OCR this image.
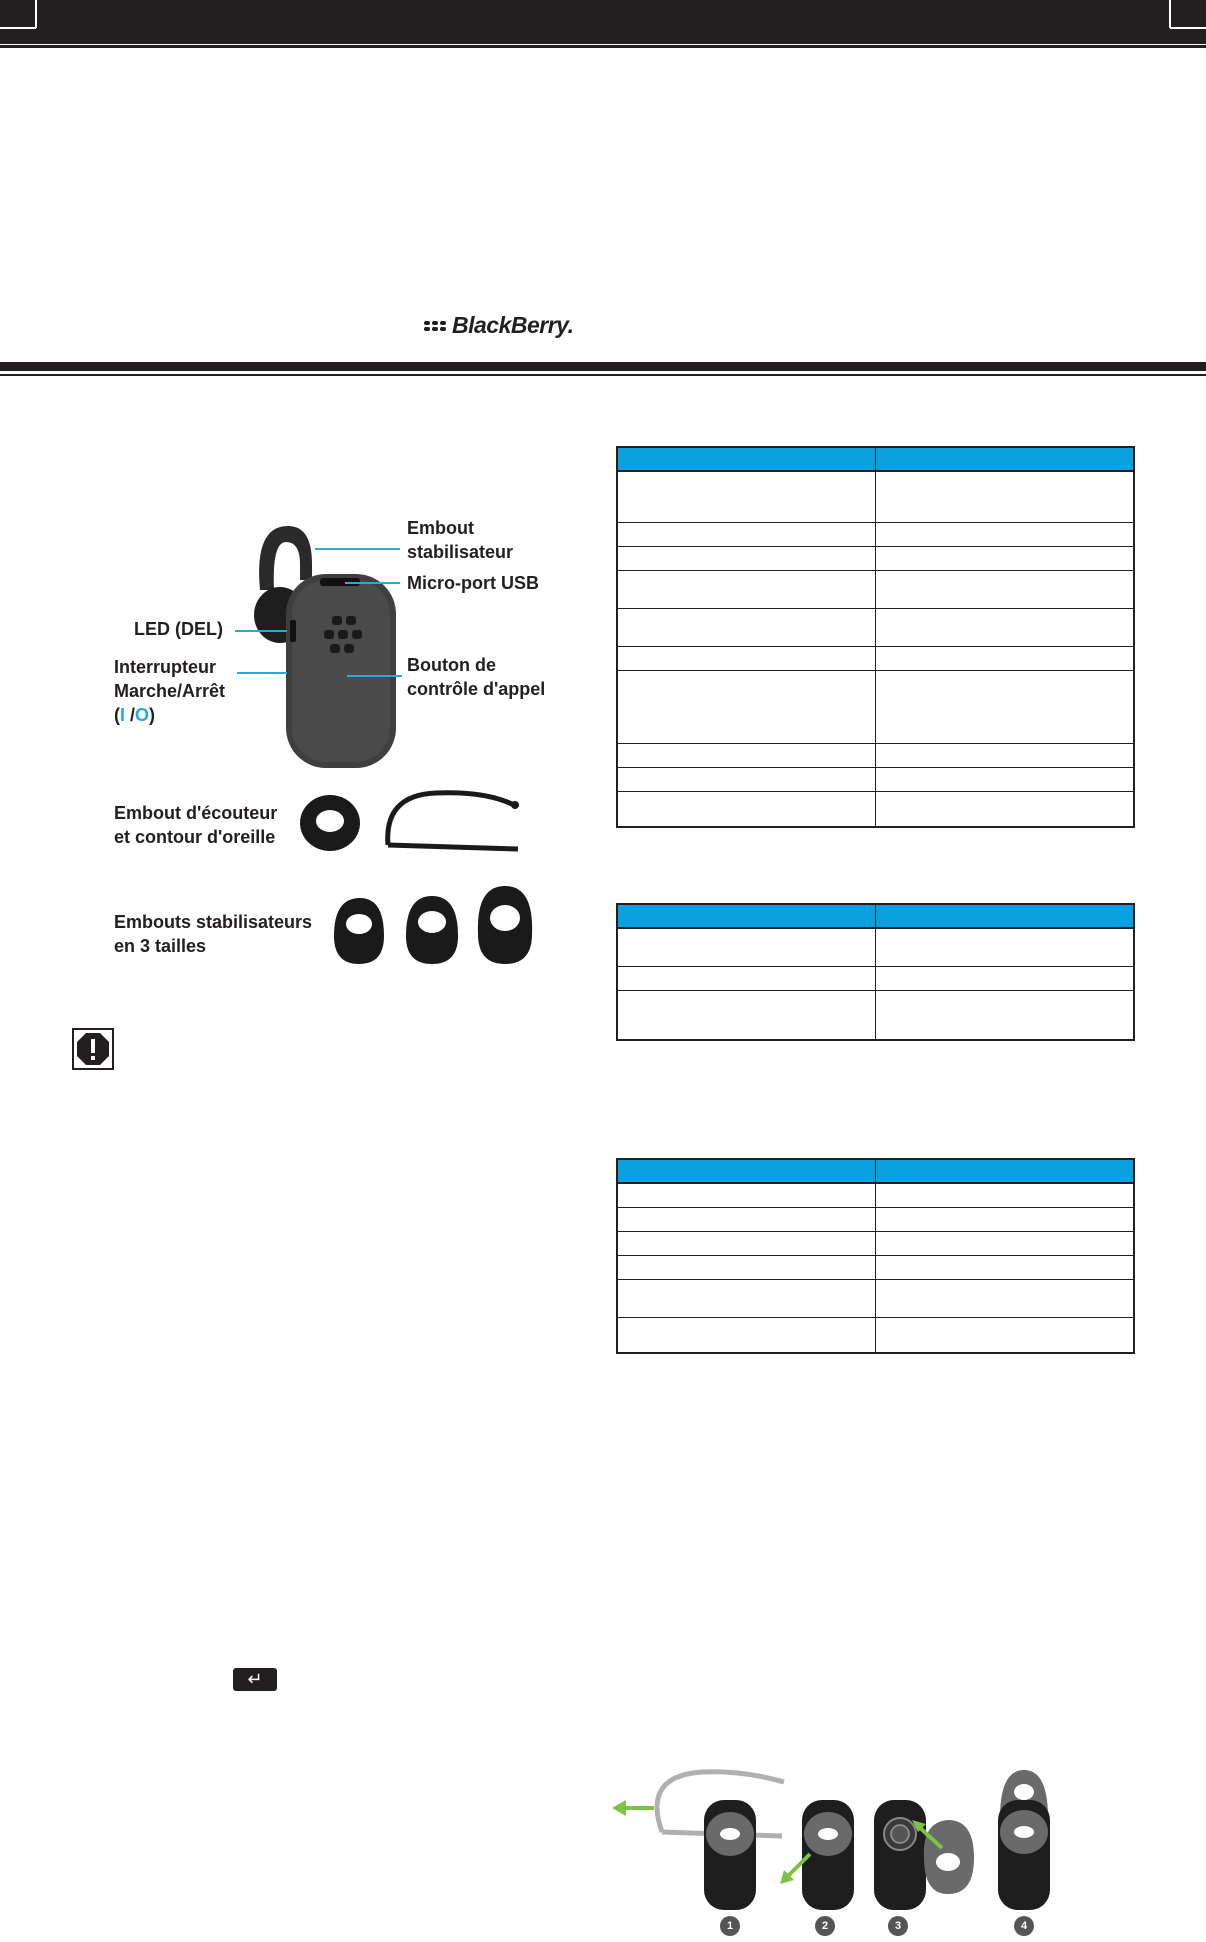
BlackBerry.
Embout
stabilisateur
Micro-port USB
LED (DEL)
Interrupteur
Marche/Arrêt
(I /O)
Bouton de
contrôle d'appel
Embout d'écouteur
et contour d'oreille
Embouts stabilisateurs
en 3 tailles
↵

1	2	3	4
